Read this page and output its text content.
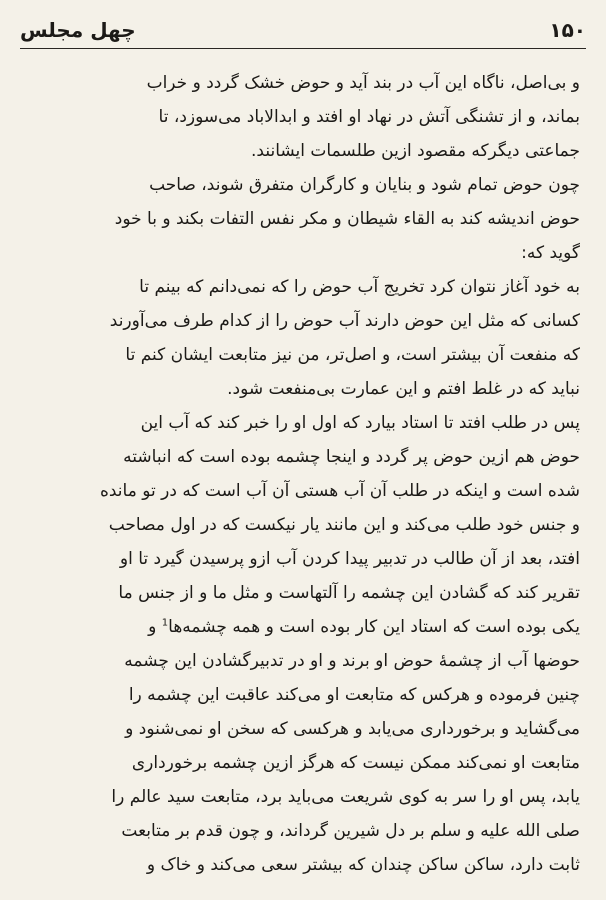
۱۵۰
چهل مجلس
و بی‌اصل، ناگاه این آب در بند آید و حوض خشک گردد و خراب
بماند، و از تشنگی آتش در نهاد او افتد و ابدالاباد می‌سوزد، تا
جماعتی دیگرکه مقصود ازین طلسمات ایشانند.
چون حوض تمام شود و بنایان و کارگران متفرق شوند، صاحب
حوض اندیشه کند به القاء شیطان و مکر نفس التفات بکند و با خود
گوید که:
به خود آغاز نتوان کرد تخریج آب حوض را که نمی‌دانم که بینم تا
کسانی که مثل این حوض دارند آب حوض را از کدام طرف می‌آورند
که منفعت آن بیشتر است، و اصل‌تر، من نیز متابعت ایشان کنم تا
نباید که در غلط افتم و این عمارت بی‌منفعت شود.
پس در طلب افتد تا استاد بیارد که اول او را خبر کند که آب این
حوض هم ازین حوض پر گردد و اینجا چشمه بوده است که انباشته
شده است و اینکه در طلب آن آب هستی آن آب است که در تو مانده
و جنس خود طلب می‌کند و این مانند یار نیکست که در اول مصاحب
افتد، بعد از آن طالب در تدبیر پیدا کردن آب ازو پرسیدن گیرد تا او
تقریر کند که گشادن این چشمه را آلتهاست و مثل ما و از جنس ما
یکی بوده است که استاد این کار بوده است و همه چشمه‌ها$^1$ و
حوضها آب از چشمهٔ حوض او برند و او در تدبیرگشادن این چشمه
چنین فرموده و هرکس که متابعت او می‌کند عاقبت این چشمه را
می‌گشاید و برخورداری می‌یابد و هرکسی که سخن او نمی‌شنود و
متابعت او نمی‌کند ممکن نیست که هرگز ازین چشمه برخورداری
یابد، پس او را سر به کوی شریعت می‌باید برد، متابعت سید عالم را
صلی الله علیه و سلم بر دل شیرین گرداند، و چون قدم بر متابعت
ثابت دارد، ساکن ساکن چندان که بیشتر سعی می‌کند و خاک و
